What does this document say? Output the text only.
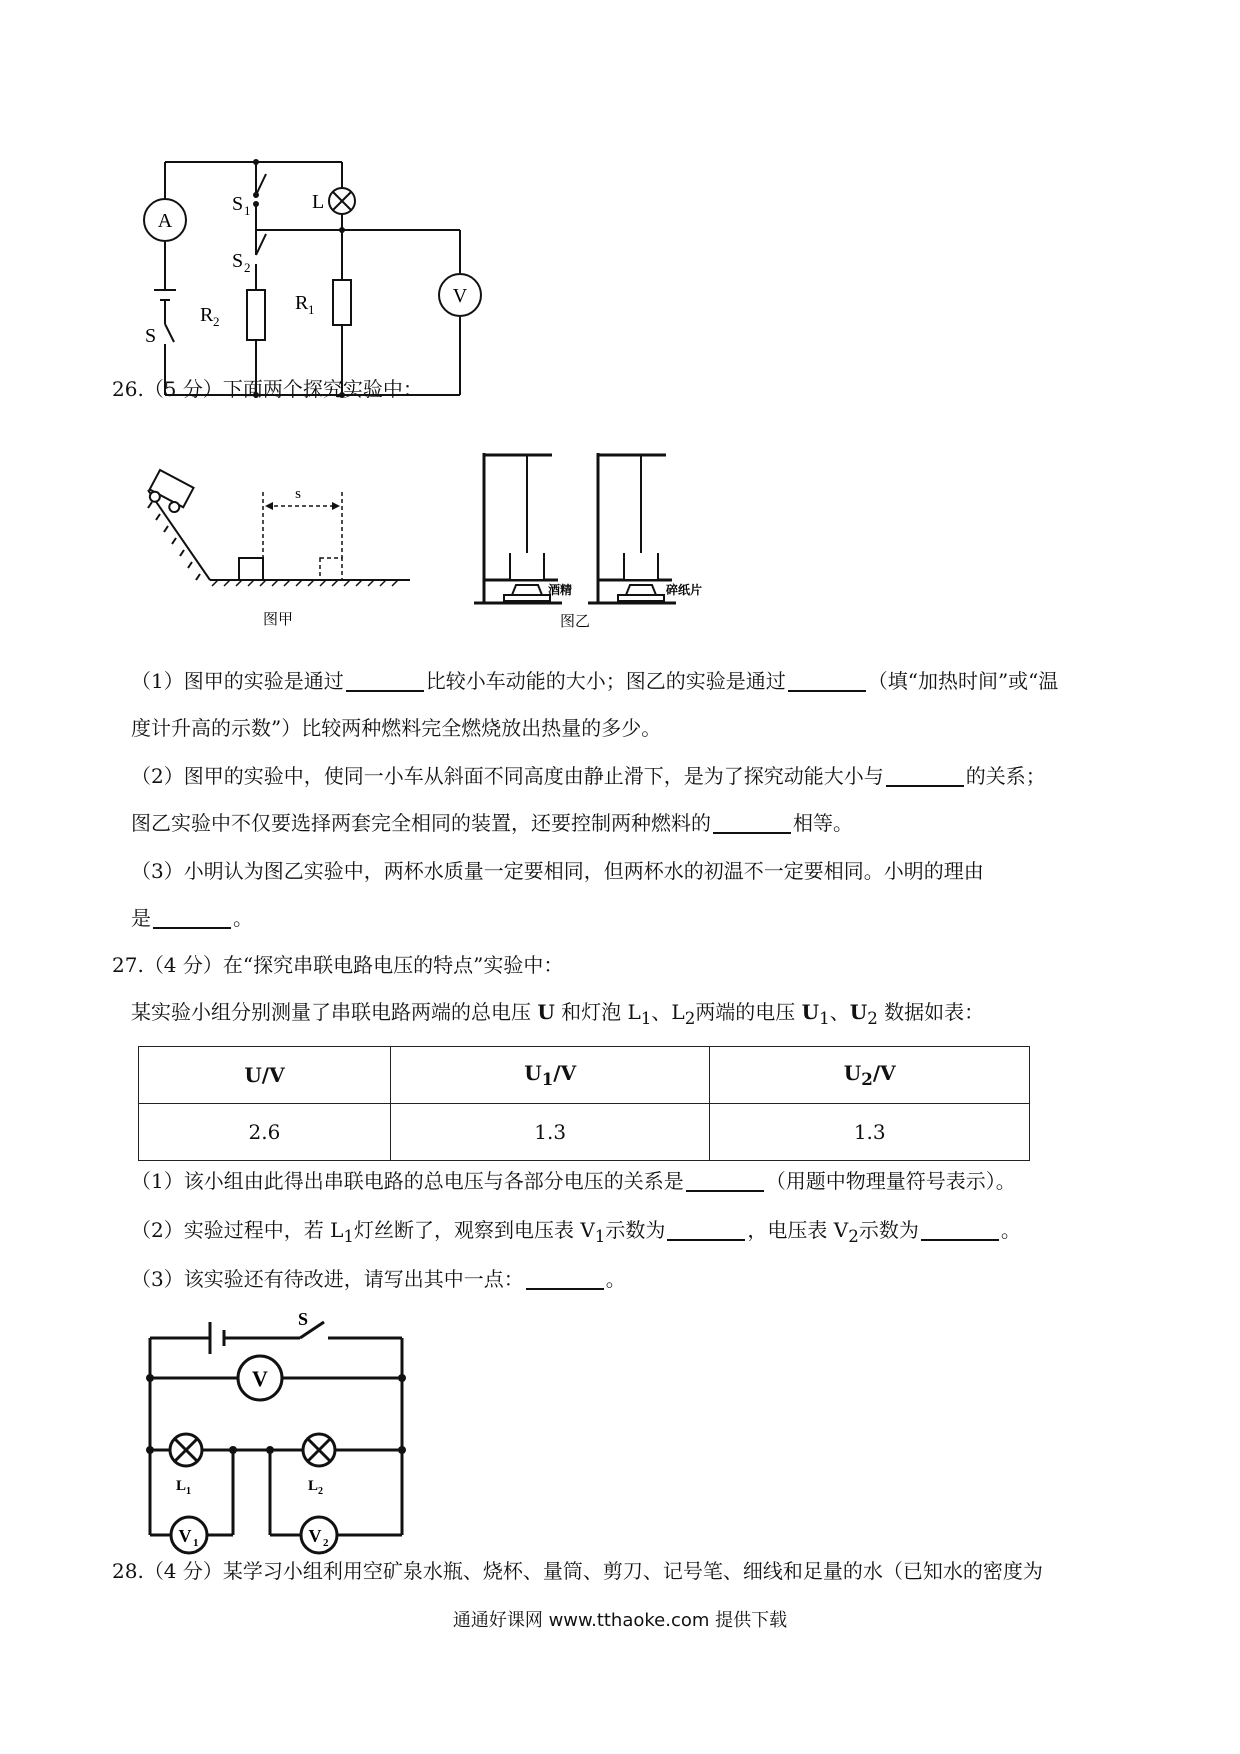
A
S 1	L
S 2
R 1
R 2
V
S
26.（5 分）下面两个探究实验中：
s
图甲
酒精	碎纸片
图乙
（1）图甲的实验是通过	比较小车动能的大小；图乙的实验是通过	（填“加热时间”或“温
度计升高的示数”）比较两种燃料完全燃烧放出热量的多少。
（2）图甲的实验中，使同一小车从斜面不同高度由静止滑下，是为了探究动能大小与	的关系；
图乙实验中不仅要选择两套完全相同的装置，还要控制两种燃料的	相等。
（3）小明认为图乙实验中，两杯水质量一定要相同，但两杯水的初温不一定要相同。小明的理由
是	。
27.（4 分）在“探究串联电路电压的特点”实验中：
某实验小组分别测量了串联电路两端的总电压 U 和灯泡 $L_1$、$L_2$两端的电压 $U_1$、$U_2$ 数据如表：
U/V	$U_1/V$	$U_2/V$
2.6	1.3	1.3
（1）该小组由此得出串联电路的总电压与各部分电压的关系是	（用题中物理量符号表示）。
（2）实验过程中，若 $L_1$灯丝断了，观察到电压表 $V_1$示数为	，电压表 $V_2$示数为	。
（3）该实验还有待改进，请写出其中一点：	。
S
V
L 1	L 2
V 1	V 2
28.（4 分）某学习小组利用空矿泉水瓶、烧杯、量筒、剪刀、记号笔、细线和足量的水（已知水的密度为
通通好课网 www.tthaoke.com 提供下载
